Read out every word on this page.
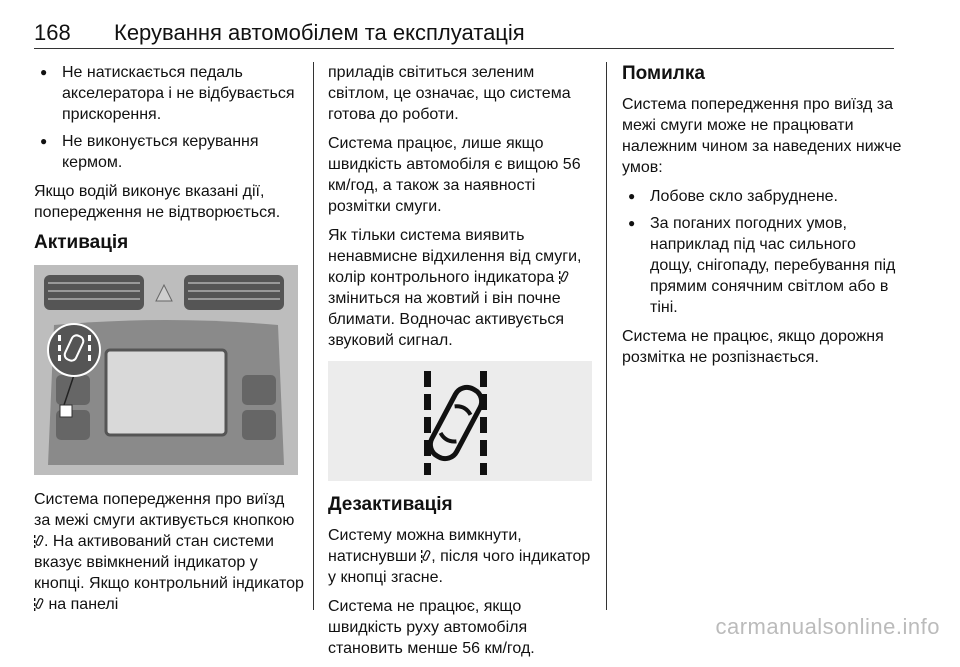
168 Керування автомобілем та експлуатація
● Не натискається педаль акселератора і не відбувається прискорення.
● Не виконується керування кермом.

Якщо водій виконує вказані дії, попередження не відтворюється.

Активація

Система попередження про виїзд за межі смуги активується кнопкою . На активований стан системи вказує ввімкнений індикатор у кнопці. Якщо контрольний індикатор  на панелі

приладів світиться зеленим світлом, це означає, що система готова до роботи.

Система працює, лише якщо швидкість автомобіля є вищою 56 км/год, а також за наявності розмітки смуги.

Як тільки система виявить ненавмисне відхилення від смуги, колір контрольного індикатора  зміниться на жовтий і він почне блимати. Водночас активується звуковий сигнал.

Дезактивація

Систему можна вимкнути, натиснувши , після чого індикатор у кнопці згасне.

Система не працює, якщо швидкість руху автомобіля становить менше 56 км/год.

Помилка

Система попередження про виїзд за межі смуги може не працювати належним чином за наведених нижче умов:

● Лобове скло забруднене.
● За поганих погодних умов, наприклад під час сильного дощу, снігопаду, перебування під прямим сонячним світлом або в тіні.

Система не працює, якщо дорожня розмітка не розпізнається.

carmanualsonline.info
